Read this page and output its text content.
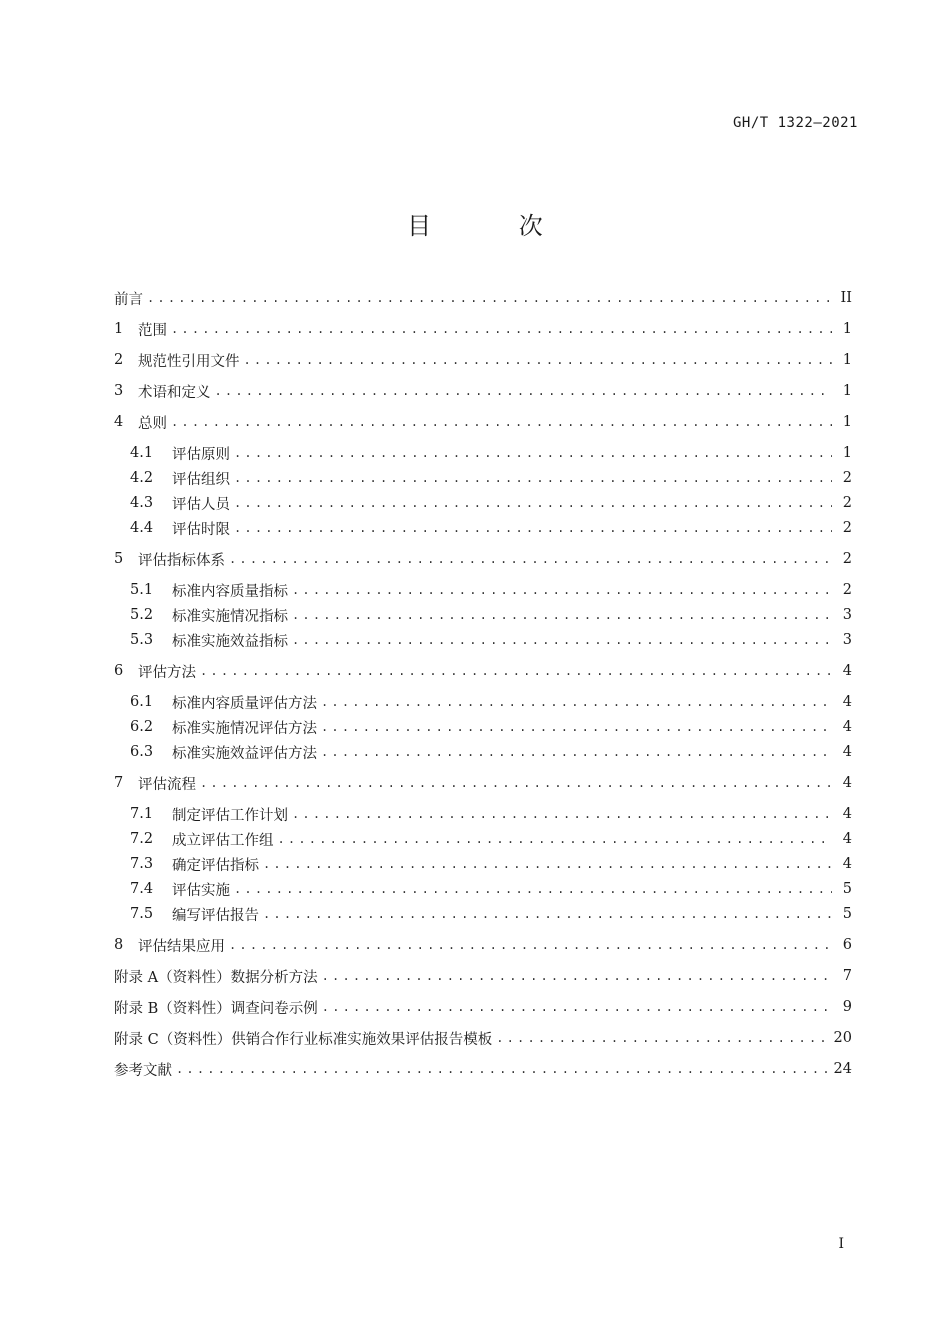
GH/T 1322—2021
目 次
前言 .....	II
1	范围 .....	1
2	规范性引用文件 .....	1
3	术语和定义 .....	1
4	总则 .....	1
4.1	评估原则 .....	1
4.2	评估组织 .....	2
4.3	评估人员 .....	2
4.4	评估时限 .....	2
5	评估指标体系 .....	2
5.1	标准内容质量指标 .....	2
5.2	标准实施情况指标 .....	3
5.3	标准实施效益指标 .....	3
6	评估方法 .....	4
6.1	标准内容质量评估方法 .....	4
6.2	标准实施情况评估方法 .....	4
6.3	标准实施效益评估方法 .....	4
7	评估流程 .....	4
7.1	制定评估工作计划 .....	4
7.2	成立评估工作组 .....	4
7.3	确定评估指标 .....	4
7.4	评估实施 .....	5
7.5	编写评估报告 .....	5
8	评估结果应用 .....	6
附录 A（资料性）数据分析方法 .....	7
附录 B（资料性）调查问卷示例 .....	9
附录 C（资料性）供销合作行业标准实施效果评估报告模板 .....	20
参考文献 .....	24
I
